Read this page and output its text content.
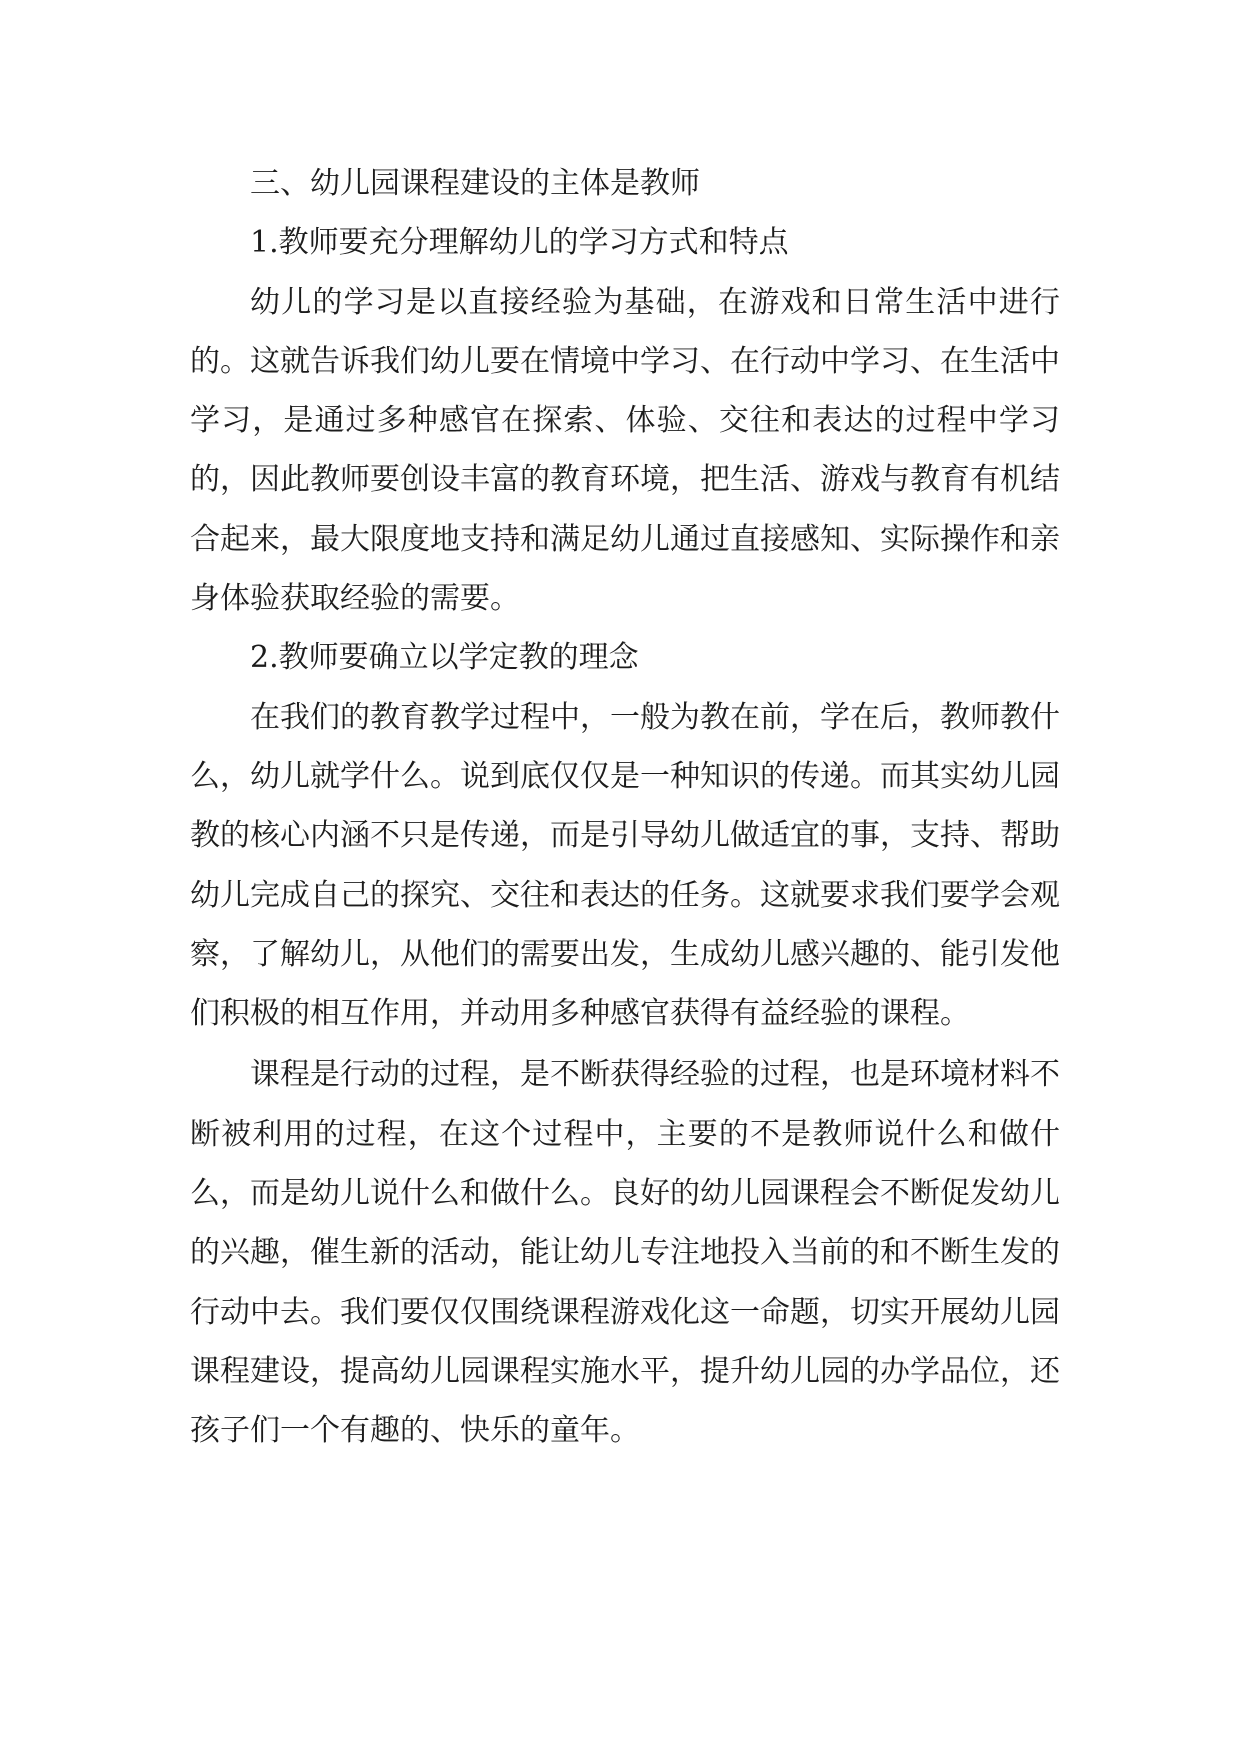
三、幼儿园课程建设的主体是教师

1.教师要充分理解幼儿的学习方式和特点

幼儿的学习是以直接经验为基础，在游戏和日常生活中进行的。这就告诉我们幼儿要在情境中学习、在行动中学习、在生活中学习，是通过多种感官在探索、体验、交往和表达的过程中学习的，因此教师要创设丰富的教育环境，把生活、游戏与教育有机结合起来，最大限度地支持和满足幼儿通过直接感知、实际操作和亲身体验获取经验的需要。

2.教师要确立以学定教的理念

在我们的教育教学过程中，一般为教在前，学在后，教师教什么，幼儿就学什么。说到底仅仅是一种知识的传递。而其实幼儿园教的核心内涵不只是传递，而是引导幼儿做适宜的事，支持、帮助幼儿完成自己的探究、交往和表达的任务。这就要求我们要学会观察，了解幼儿，从他们的需要出发，生成幼儿感兴趣的、能引发他们积极的相互作用，并动用多种感官获得有益经验的课程。

课程是行动的过程，是不断获得经验的过程，也是环境材料不断被利用的过程，在这个过程中，主要的不是教师说什么和做什么，而是幼儿说什么和做什么。良好的幼儿园课程会不断促发幼儿的兴趣，催生新的活动，能让幼儿专注地投入当前的和不断生发的行动中去。我们要仅仅围绕课程游戏化这一命题，切实开展幼儿园课程建设，提高幼儿园课程实施水平，提升幼儿园的办学品位，还孩子们一个有趣的、快乐的童年。
